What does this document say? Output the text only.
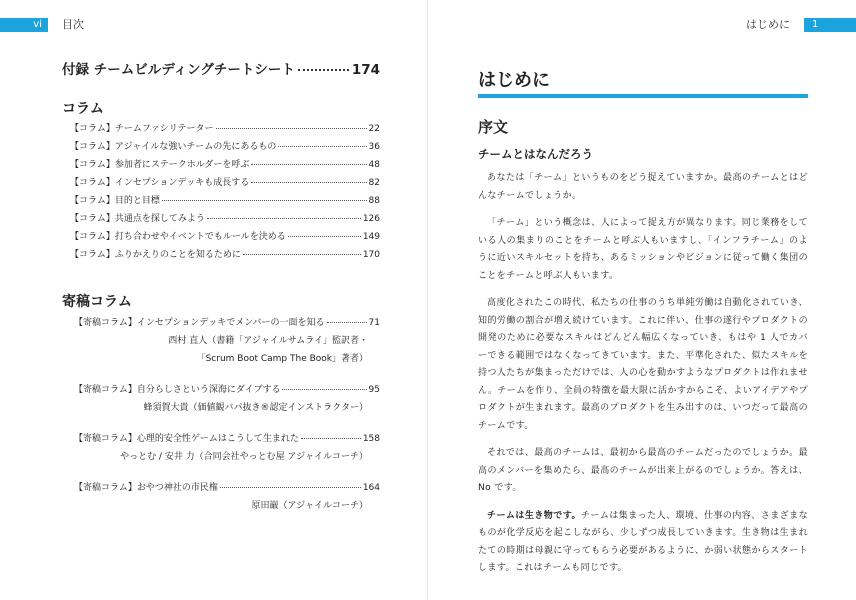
vi	目次
付録 チームビルディングチートシート	174
コラム
【コラム】チームファシリテーター	22
【コラム】アジャイルな強いチームの先にあるもの	36
【コラム】参加者にステークホルダーを呼ぶ	48
【コラム】インセプションデッキも成長する	82
【コラム】目的と目標	88
【コラム】共通点を探してみよう	126
【コラム】打ち合わせやイベントでもルールを決める	149
【コラム】ふりかえりのことを知るために	170
寄稿コラム
【寄稿コラム】インセプションデッキでメンバーの一面を知る	71
西村 直人（書籍「アジャイルサムライ」監訳者・
「Scrum Boot Camp The Book」著者）
【寄稿コラム】自分らしさという深海にダイブする	95
蜂須賀大貴（価値観バパ抜き®認定インストラクター）
【寄稿コラム】心理的安全性ゲームはこうして生まれた	158
やっとむ / 安井 力（合同会社やっとむ屋 アジャイルコーチ）
【寄稿コラム】おやつ神社の市民権	164
原田巌（アジャイルコーチ）
はじめに	1
はじめに
序文
チームとはなんだろう

あなたは「チーム」というものをどう捉えていますか。最高のチームとはどんなチームでしょうか。

「チーム」という概念は、人によって捉え方が異なります。同じ業務をしている人の集まりのことをチームと呼ぶ人もいますし、「インフラチーム」のように近いスキルセットを持ち、あるミッションやビジョンに従って働く集団のことをチームと呼ぶ人もいます。

高度化されたこの時代、私たちの仕事のうち単純労働は自動化されていき、知的労働の割合が増え続けています。これに伴い、仕事の遂行やプロダクトの開発のために必要なスキルはどんどん幅広くなっていき、もはや 1 人でカバーできる範囲ではなくなってきています。また、平準化された、似たスキルを持つ人たちが集まっただけでは、人の心を動かすようなプロダクトは作れません。チームを作り、全員の特徴を最大限に活かすからこそ、よいアイデアやプロダクトが生まれます。最高のプロダクトを生み出すのは、いつだって最高のチームです。

それでは、最高のチームは、最初から最高のチームだったのでしょうか。最高のメンバーを集めたら、最高のチームが出来上がるのでしょうか。答えは、No です。

チームは生き物です。チームは集まった人、環境、仕事の内容、さまざまなものが化学反応を起こしながら、少しずつ成長していきます。生き物は生まれたての時期は母親に守ってもらう必要があるように、か弱い状態からスタートします。これはチームも同じです。
